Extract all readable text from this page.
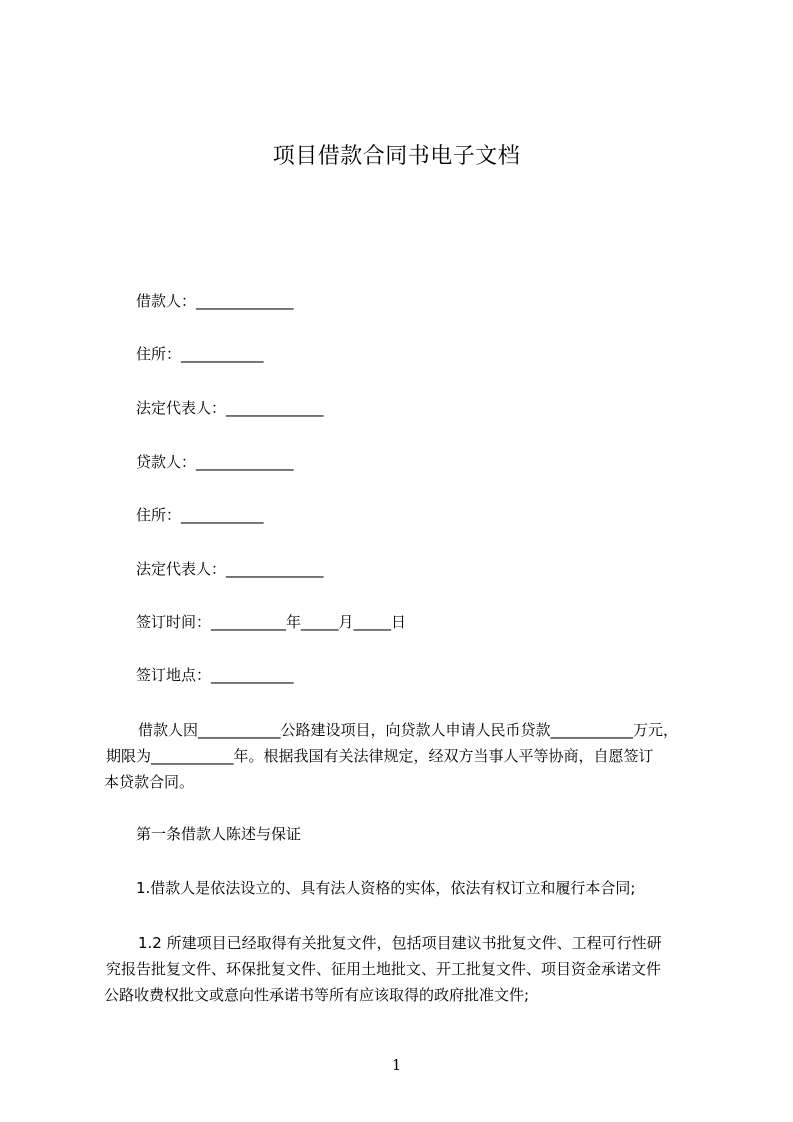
项目借款合同书电子文档
借款人：_____________
住所：___________
法定代表人：_____________
贷款人：_____________
住所：___________
法定代表人：_____________
签订时间：__________年_____月_____日
签订地点：___________
借款人因___________公路建设项目，向贷款人申请人民币贷款___________万元，
期限为___________年。根据我国有关法律规定，经双方当事人平等协商，自愿签订
本贷款合同。
第一条借款人陈述与保证
1.借款人是依法设立的、具有法人资格的实体，依法有权订立和履行本合同;
1.2 所建项目已经取得有关批复文件，包括项目建议书批复文件、工程可行性研
究报告批复文件、环保批复文件、征用土地批文、开工批复文件、项目资金承诺文件
公路收费权批文或意向性承诺书等所有应该取得的政府批准文件;
1
